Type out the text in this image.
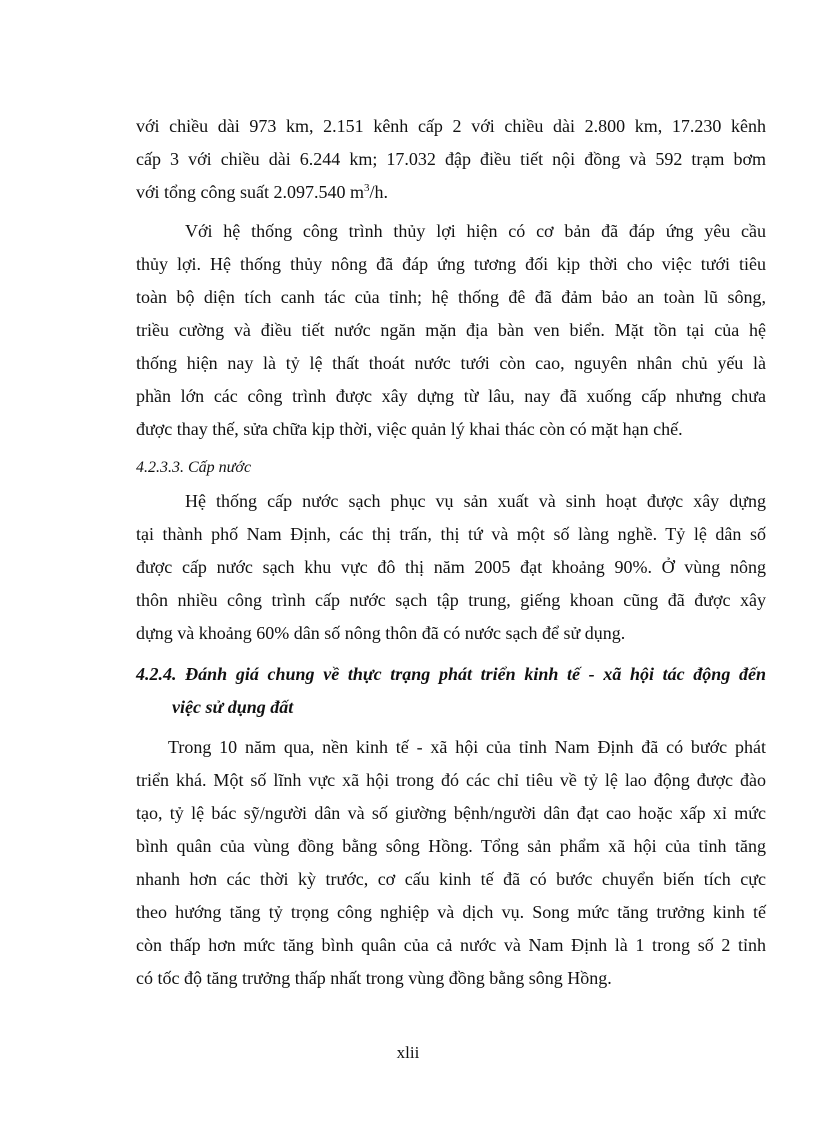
với chiều dài 973 km, 2.151 kênh cấp 2 với chiều dài 2.800 km, 17.230 kênh
cấp 3 với chiều dài 6.244 km; 17.032 đập điều tiết nội đồng và 592 trạm bơm
với tổng công suất 2.097.540 $m^3/h$.
Với hệ thống công trình thủy lợi hiện có cơ bản đã đáp ứng yêu cầu
thủy lợi. Hệ thống thủy nông đã đáp ứng tương đối kịp thời cho việc tưới tiêu
toàn bộ diện tích canh tác của tỉnh; hệ thống đê đã đảm bảo an toàn lũ sông,
triều cường và điều tiết nước ngăn mặn địa bàn ven biển. Mặt tồn tại của hệ
thống hiện nay là tỷ lệ thất thoát nước tưới còn cao, nguyên nhân chủ yếu là
phần lớn các công trình được xây dựng từ lâu, nay đã xuống cấp nhưng chưa
được thay thế, sửa chữa kịp thời, việc quản lý khai thác còn có mặt hạn chế.
4.2.3.3. Cấp nước
Hệ thống cấp nước sạch phục vụ sản xuất và sinh hoạt được xây dựng
tại thành phố Nam Định, các thị trấn, thị tứ và một số làng nghề. Tỷ lệ dân số
được cấp nước sạch khu vực đô thị năm 2005 đạt khoảng 90%. Ở vùng nông
thôn nhiều công trình cấp nước sạch tập trung, giếng khoan cũng đã được xây
dựng và khoảng 60% dân số nông thôn đã có nước sạch để sử dụng.
4.2.4. Đánh giá chung về thực trạng phát triển kinh tế - xã hội tác động đến
việc sử dụng đất
Trong 10 năm qua, nền kinh tế - xã hội của tỉnh Nam Định đã có bước phát
triển khá. Một số lĩnh vực xã hội trong đó các chỉ tiêu về tỷ lệ lao động được đào
tạo, tỷ lệ bác sỹ/người dân và số giường bệnh/người dân đạt cao hoặc xấp xỉ mức
bình quân của vùng đồng bằng sông Hồng. Tổng sản phẩm xã hội của tỉnh tăng
nhanh hơn các thời kỳ trước, cơ cấu kinh tế đã có bước chuyển biến tích cực
theo hướng tăng tỷ trọng công nghiệp và dịch vụ. Song mức tăng trưởng kinh tế
còn thấp hơn mức tăng bình quân của cả nước và Nam Định là 1 trong số 2 tỉnh
có tốc độ tăng trưởng thấp nhất trong vùng đồng bằng sông Hồng.
xlii
